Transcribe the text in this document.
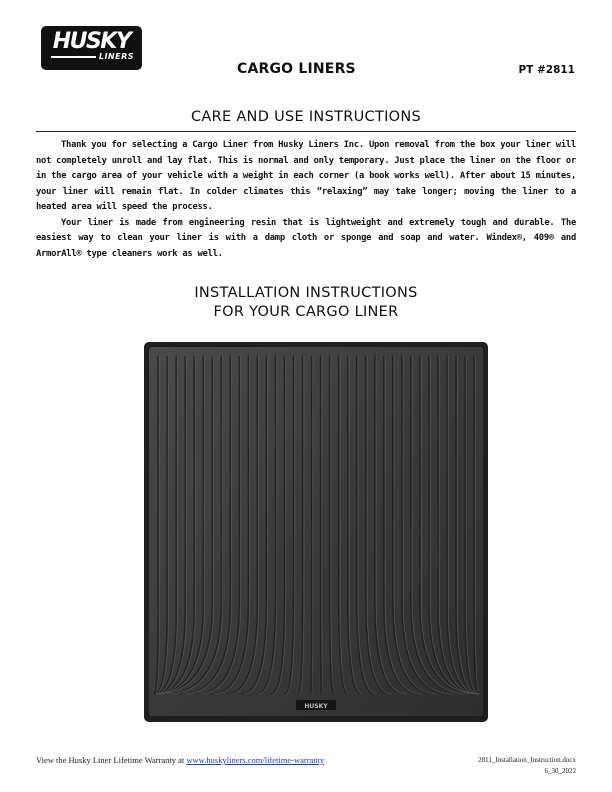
HUSKY
LINERS
CARGO LINERS	PT #2811
CARE AND USE INSTRUCTIONS

Thank you for selecting a Cargo Liner from Husky Liners Inc. Upon removal from the box your liner will not completely unroll and lay flat. This is normal and only temporary. Just place the liner on the floor or in the cargo area of your vehicle with a weight in each corner (a book works well). After about 15 minutes, your liner will remain flat. In colder climates this “relaxing” may take longer; moving the liner to a heated area will speed the process.

Your liner is made from engineering resin that is lightweight and extremely tough and durable. The easiest way to clean your liner is with a damp cloth or sponge and soap and water. Windex®, 409® and ArmorAll® type cleaners work as well.

INSTALLATION INSTRUCTIONS
FOR YOUR CARGO LINER
HUSKY
View the Husky Liner Lifetime Warranty at www.huskyliners.com/lifetime-warranty	2811_Installation_Instruction.docx
6_30_2022
